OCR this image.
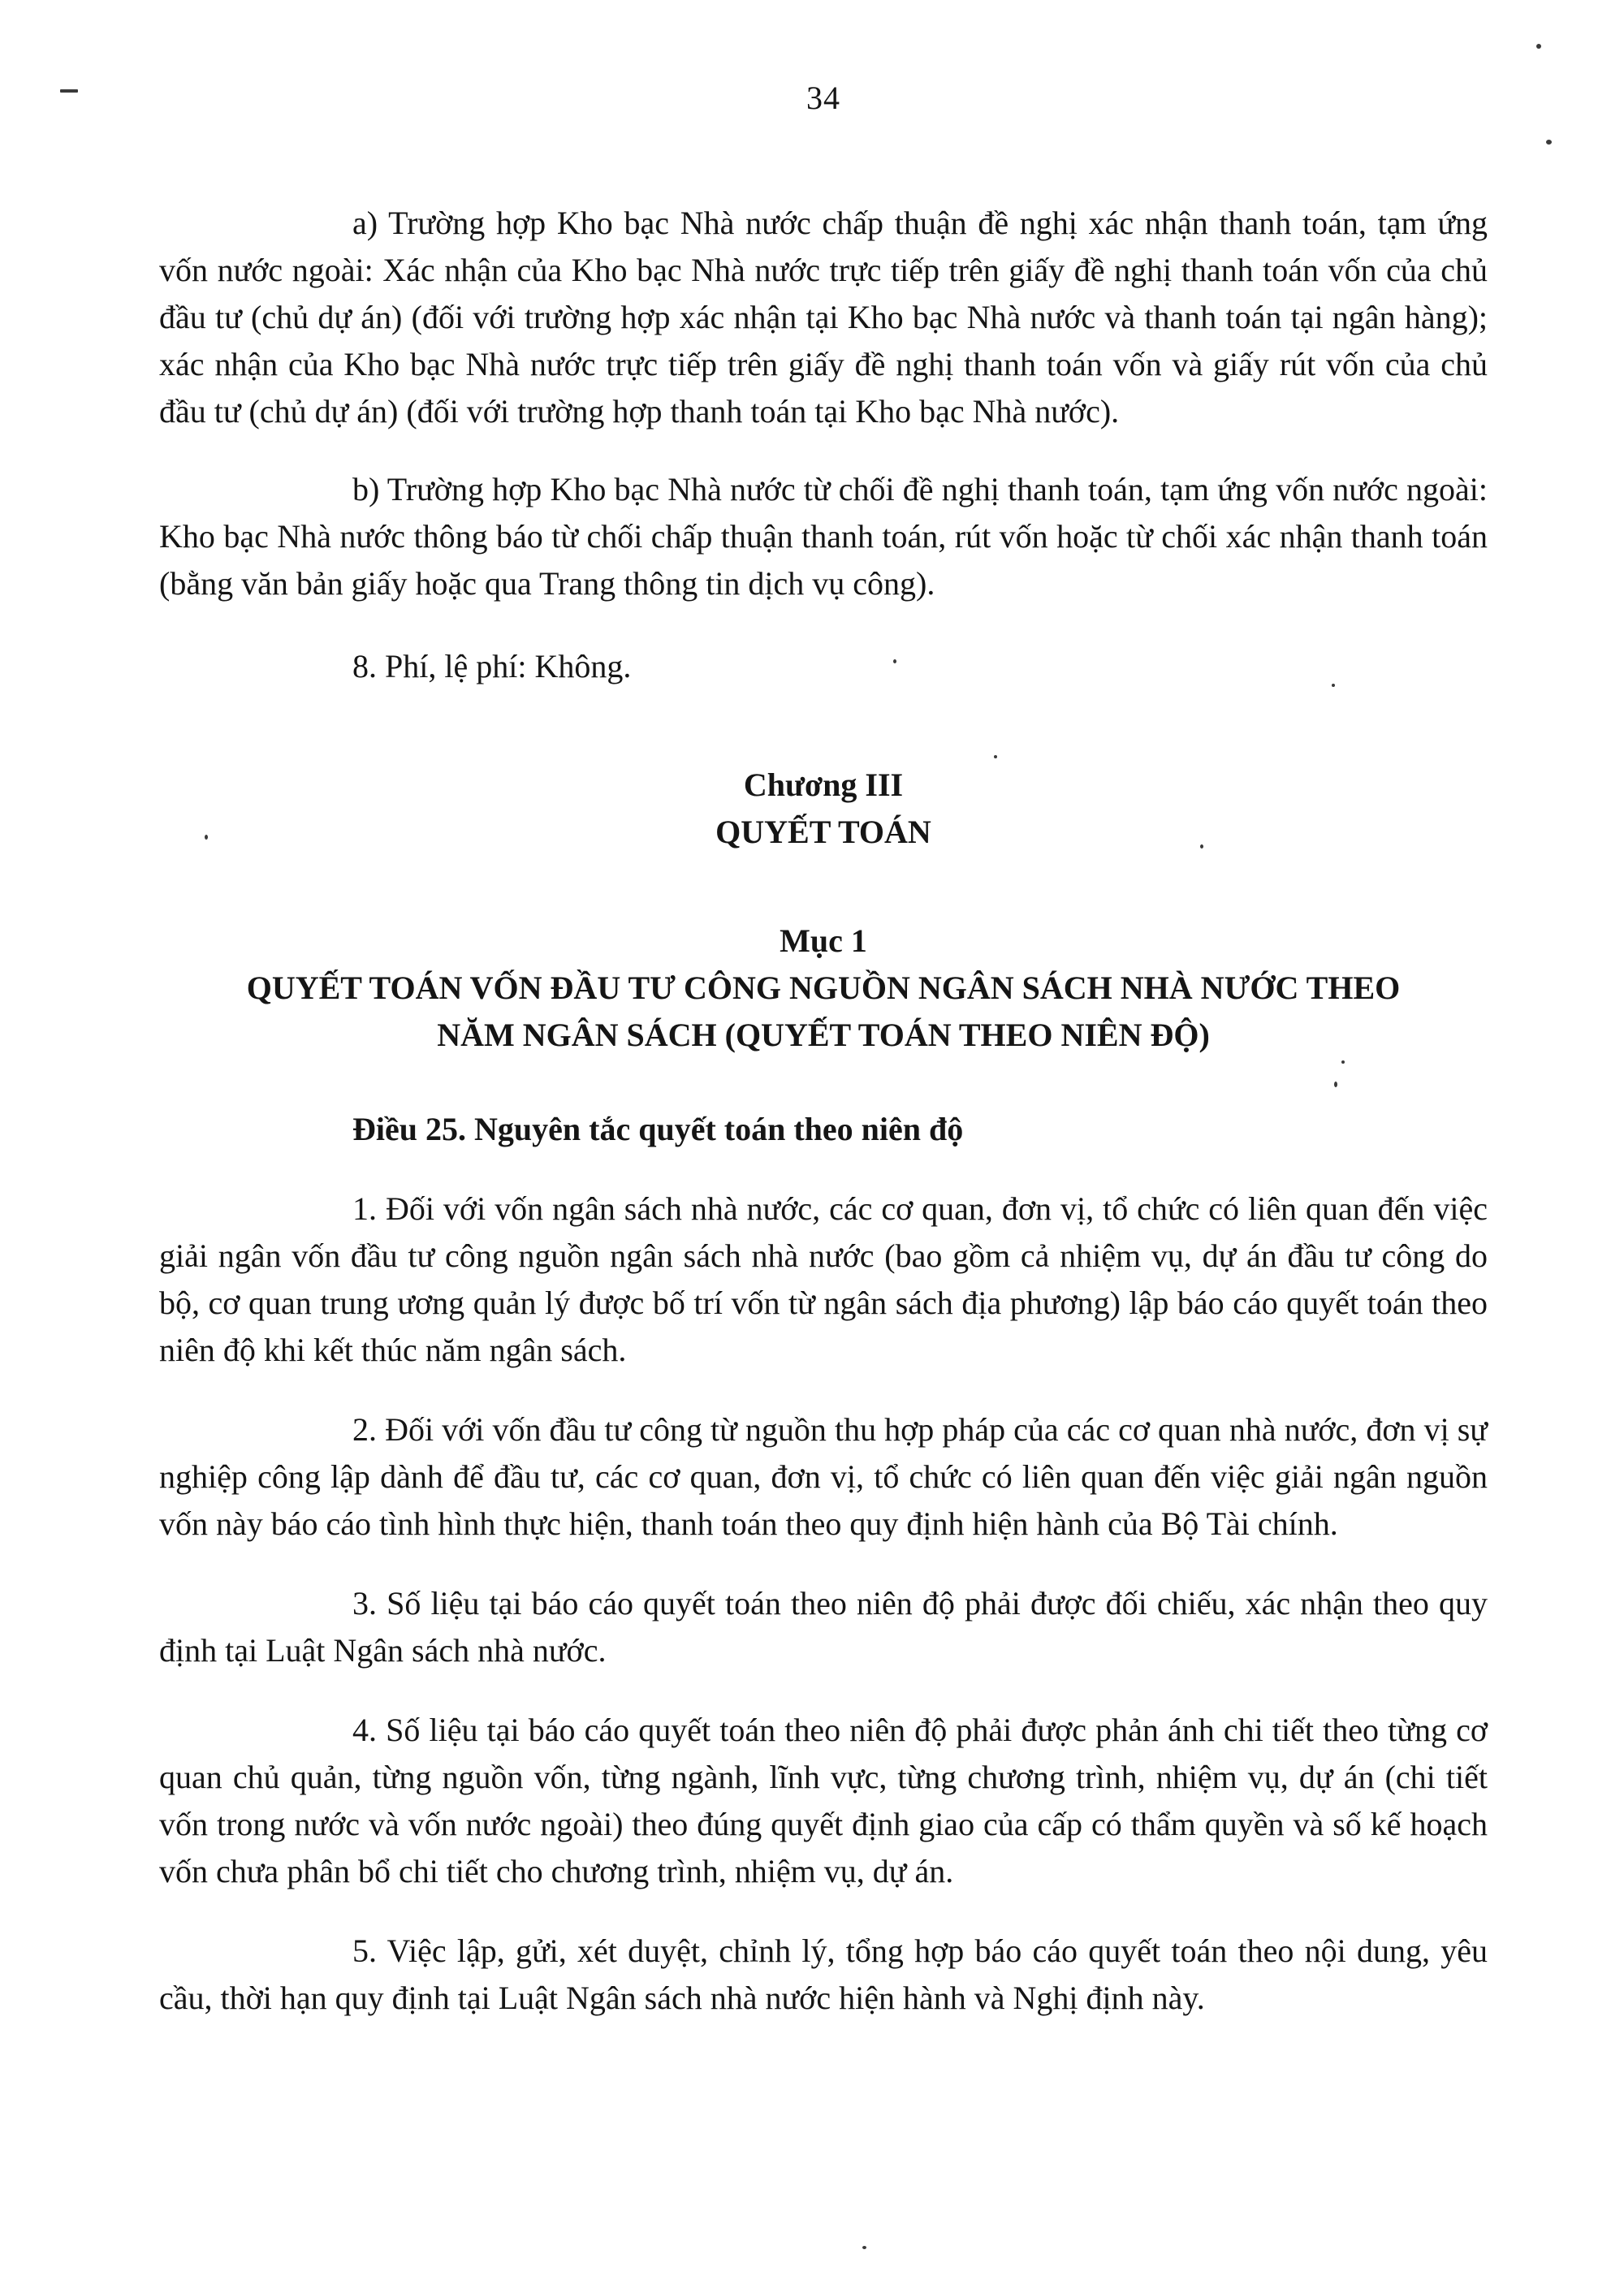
34

a) Trường hợp Kho bạc Nhà nước chấp thuận đề nghị xác nhận thanh toán, tạm ứng vốn nước ngoài: Xác nhận của Kho bạc Nhà nước trực tiếp trên giấy đề nghị thanh toán vốn của chủ đầu tư (chủ dự án) (đối với trường hợp xác nhận tại Kho bạc Nhà nước và thanh toán tại ngân hàng); xác nhận của Kho bạc Nhà nước trực tiếp trên giấy đề nghị thanh toán vốn và giấy rút vốn của chủ đầu tư (chủ dự án) (đối với trường hợp thanh toán tại Kho bạc Nhà nước).

b) Trường hợp Kho bạc Nhà nước từ chối đề nghị thanh toán, tạm ứng vốn nước ngoài: Kho bạc Nhà nước thông báo từ chối chấp thuận thanh toán, rút vốn hoặc từ chối xác nhận thanh toán (bằng văn bản giấy hoặc qua Trang thông tin dịch vụ công).

8. Phí, lệ phí: Không.
Chương III
QUYẾT TOÁN
Mục 1
QUYẾT TOÁN VỐN ĐẦU TƯ CÔNG NGUỒN NGÂN SÁCH NHÀ NƯỚC THEO NĂM NGÂN SÁCH (QUYẾT TOÁN THEO NIÊN ĐỘ)
Điều 25. Nguyên tắc quyết toán theo niên độ

1. Đối với vốn ngân sách nhà nước, các cơ quan, đơn vị, tổ chức có liên quan đến việc giải ngân vốn đầu tư công nguồn ngân sách nhà nước (bao gồm cả nhiệm vụ, dự án đầu tư công do bộ, cơ quan trung ương quản lý được bố trí vốn từ ngân sách địa phương) lập báo cáo quyết toán theo niên độ khi kết thúc năm ngân sách.

2. Đối với vốn đầu tư công từ nguồn thu hợp pháp của các cơ quan nhà nước, đơn vị sự nghiệp công lập dành để đầu tư, các cơ quan, đơn vị, tổ chức có liên quan đến việc giải ngân nguồn vốn này báo cáo tình hình thực hiện, thanh toán theo quy định hiện hành của Bộ Tài chính.

3. Số liệu tại báo cáo quyết toán theo niên độ phải được đối chiếu, xác nhận theo quy định tại Luật Ngân sách nhà nước.

4. Số liệu tại báo cáo quyết toán theo niên độ phải được phản ánh chi tiết theo từng cơ quan chủ quản, từng nguồn vốn, từng ngành, lĩnh vực, từng chương trình, nhiệm vụ, dự án (chi tiết vốn trong nước và vốn nước ngoài) theo đúng quyết định giao của cấp có thẩm quyền và số kế hoạch vốn chưa phân bổ chi tiết cho chương trình, nhiệm vụ, dự án.

5. Việc lập, gửi, xét duyệt, chỉnh lý, tổng hợp báo cáo quyết toán theo nội dung, yêu cầu, thời hạn quy định tại Luật Ngân sách nhà nước hiện hành và Nghị định này.
